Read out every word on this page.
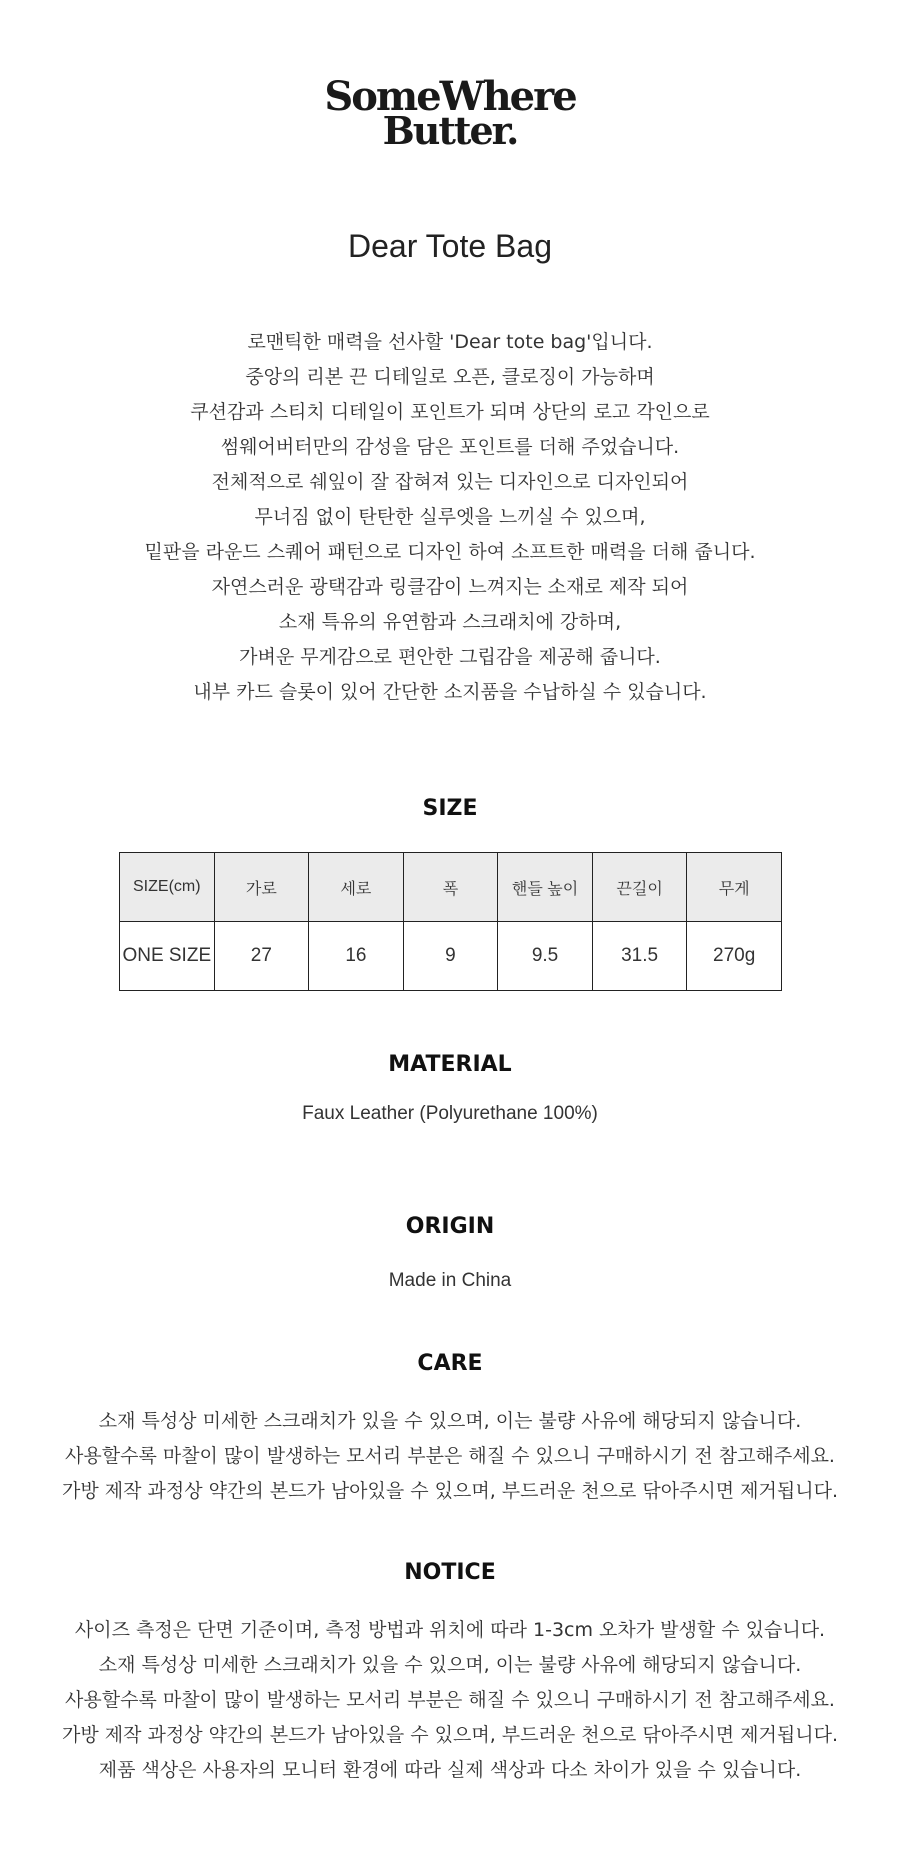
SomeWhere
Butter.
Dear Tote Bag
로맨틱한 매력을 선사할 'Dear tote bag'입니다.
중앙의 리본 끈 디테일로 오픈, 클로징이 가능하며
쿠션감과 스티치 디테일이 포인트가 되며 상단의 로고 각인으로
썸웨어버터만의 감성을 담은 포인트를 더해 주었습니다.
전체적으로 쉐잎이 잘 잡혀져 있는 디자인으로 디자인되어
무너짐 없이 탄탄한 실루엣을 느끼실 수 있으며,
밑판을 라운드 스퀘어 패턴으로 디자인 하여 소프트한 매력을 더해 줍니다.
자연스러운 광택감과 링클감이 느껴지는 소재로 제작 되어
소재 특유의 유연함과 스크래치에 강하며,
가벼운 무게감으로 편안한 그립감을 제공해 줍니다.
내부 카드 슬롯이 있어 간단한 소지품을 수납하실 수 있습니다.
SIZE
SIZE(cm)	가로	세로	폭	핸들 높이	끈길이	무게
ONE SIZE	27	16	9	9.5	31.5	270g
MATERIAL
Faux Leather (Polyurethane 100%)
ORIGIN
Made in China
CARE
소재 특성상 미세한 스크래치가 있을 수 있으며, 이는 불량 사유에 해당되지 않습니다.
사용할수록 마찰이 많이 발생하는 모서리 부분은 해질 수 있으니 구매하시기 전 참고해주세요.
가방 제작 과정상 약간의 본드가 남아있을 수 있으며, 부드러운 천으로 닦아주시면 제거됩니다.
NOTICE
사이즈 측정은 단면 기준이며, 측정 방법과 위치에 따라 1-3cm 오차가 발생할 수 있습니다.
소재 특성상 미세한 스크래치가 있을 수 있으며, 이는 불량 사유에 해당되지 않습니다.
사용할수록 마찰이 많이 발생하는 모서리 부분은 해질 수 있으니 구매하시기 전 참고해주세요.
가방 제작 과정상 약간의 본드가 남아있을 수 있으며, 부드러운 천으로 닦아주시면 제거됩니다.
제품 색상은 사용자의 모니터 환경에 따라 실제 색상과 다소 차이가 있을 수 있습니다.
